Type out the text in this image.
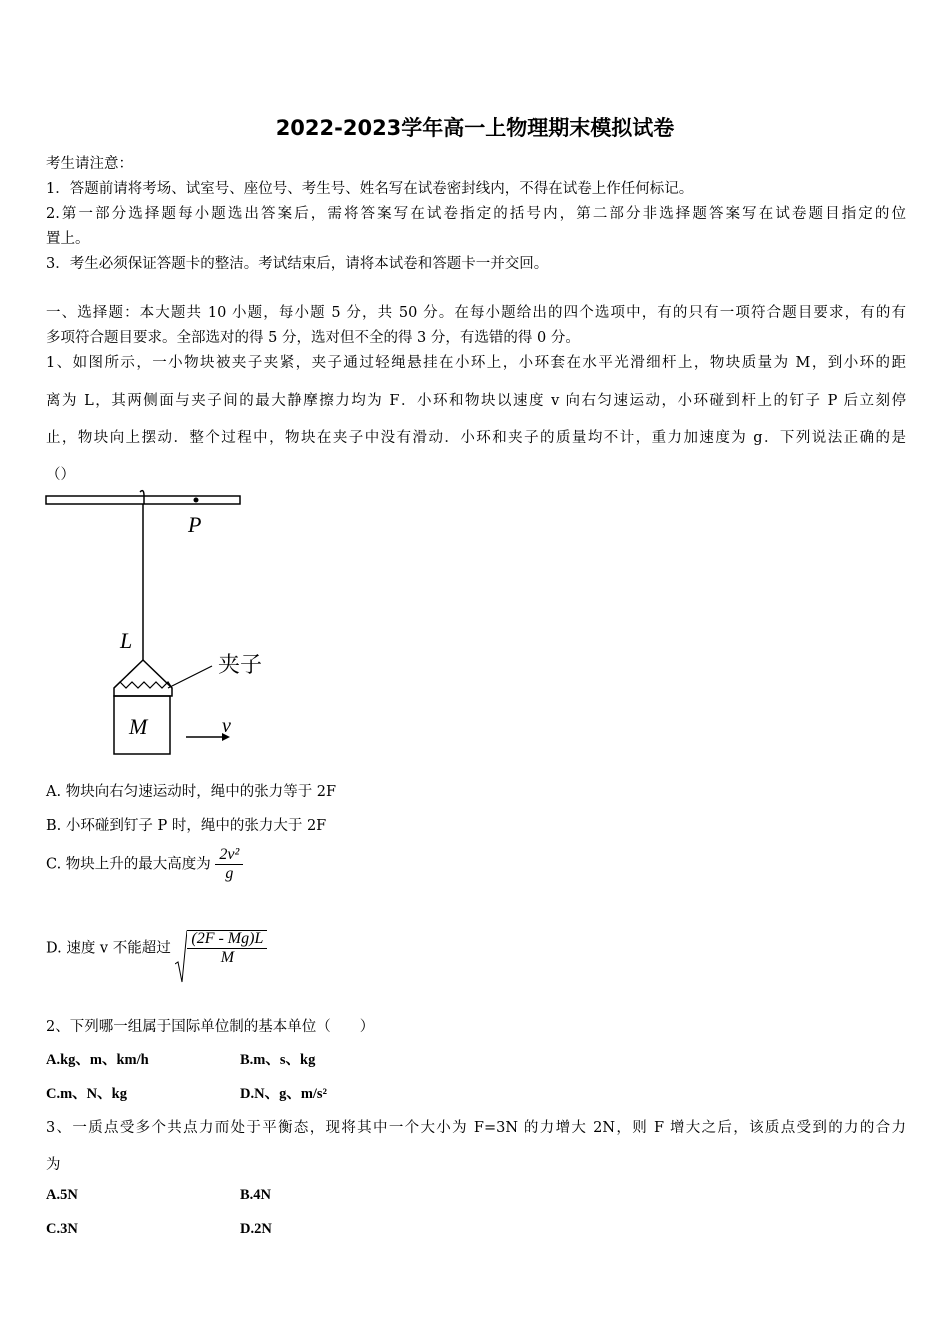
2022-2023学年高一上物理期末模拟试卷
考生请注意：
1．答题前请将考场、试室号、座位号、考生号、姓名写在试卷密封线内，不得在试卷上作任何标记。
2.第一部分选择题每小题选出答案后，需将答案写在试卷指定的括号内，第二部分非选择题答案写在试卷题目指定的位
置上。
3．考生必须保证答题卡的整洁。考试结束后，请将本试卷和答题卡一并交回。
一、选择题：本大题共 10 小题，每小题 5 分，共 50 分。在每小题给出的四个选项中，有的只有一项符合题目要求，有的有
多项符合题目要求。全部选对的得 5 分，选对但不全的得 3 分，有选错的得 0 分。
1、如图所示，一小物块被夹子夹紧，夹子通过轻绳悬挂在小环上，小环套在水平光滑细杆上，物块质量为 M，到小环的距
离为 L，其两侧面与夹子间的最大静摩擦力均为 F．小环和物块以速度 v 向右匀速运动，小环碰到杆上的钉子 P 后立刻停
止，物块向上摆动．整个过程中，物块在夹子中没有滑动．小环和夹子的质量均不计，重力加速度为 g．下列说法正确的是
（）
P
L
夹子
M	v
A. 物块向右匀速运动时，绳中的张力等于 2F
B. 小环碰到钉子 P 时，绳中的张力大于 2F
C. 物块上升的最大高度为 $\frac{\text{2v²}}{g}$
D. 速度 v 不能超过 $\frac{(2F - Mg)L}{M}$
2、下列哪一组属于国际单位制的基本单位（　　）
A.kg、m、km/h	B.m、s、kg
C.m、N、kg	D.N、g、m/s²
3、一质点受多个共点力而处于平衡态，现将其中一个大小为 F=3N 的力增大 2N，则 F 增大之后，该质点受到的力的合力
为
A.5N	B.4N
C.3N	D.2N
